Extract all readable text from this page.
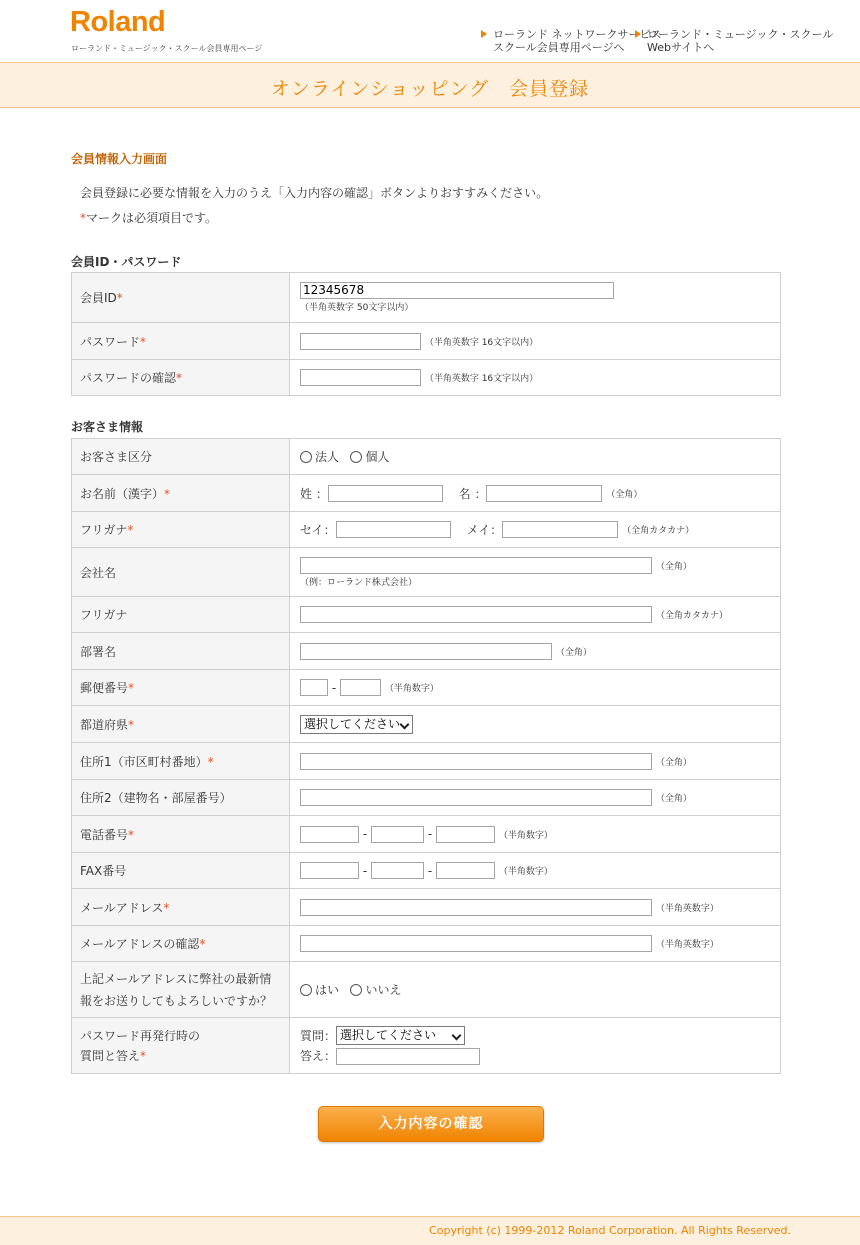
Roland
ローランド・ミュージック・スクール会員専用ページ
ローランド ネットワークサービス
スクール会員専用ページへ
ローランド・ミュージック・スクール
Webサイトへ
オンラインショッピング　会員登録
会員情報入力画面
会員登録に必要な情報を入力のうえ「入力内容の確認」ボタンよりおすすみください。
*マークは必須項目です。
会員ID・パスワード
会員ID*	12345678
（半角英数字 50文字以内）
パスワード*	（半角英数字 16文字以内）
パスワードの確認*	（半角英数字 16文字以内）
お客さま情報
お客さま区分	法人 個人
お名前（漢字）*	姓 ： 名 ： （全角）
フリガナ*	セイ： メイ： （全角カタカナ）
会社名	（全角）
（例：ローランド株式会社）
フリガナ	（全角カタカナ）
部署名	（全角）
郵便番号*	- （半角数字）
都道府県*	選択してください

住所1（市区町村番地）*	（全角）
住所2（建物名・部屋番号）	（全角）
電話番号*	- - （半角数字）
FAX番号	- - （半角数字）
メールアドレス*	（半角英数字）
メールアドレスの確認*	（半角英数字）
上記メールアドレスに弊社の最新情
報をお送りしてもよろしいですか？	はい いいえ
パスワード再発行時の
質問と答え*	質問： 選択してください

答え：
入力内容の確認
Copyright (c) 1999-2012 Roland Corporation. All Rights Reserved.
